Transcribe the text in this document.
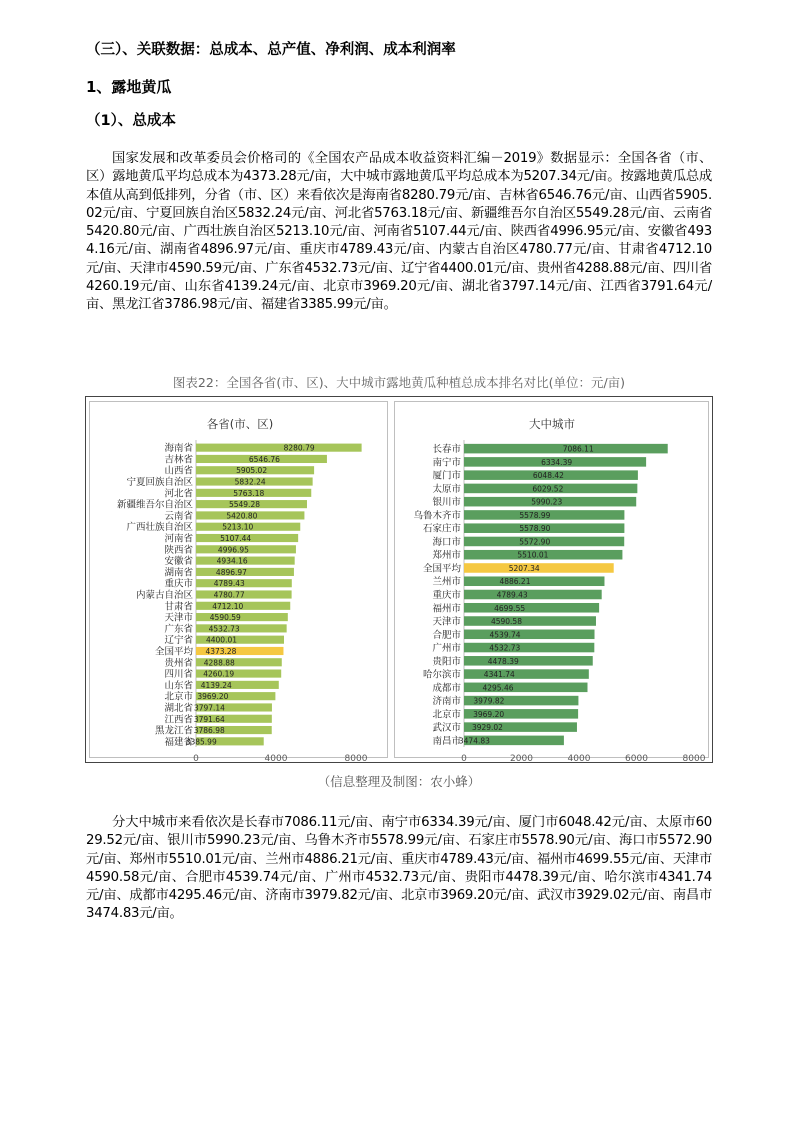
（三）、关联数据：总成本、总产值、净利润、成本利润率
1、露地黄瓜
（1）、总成本

国家发展和改革委员会价格司的《全国农产品成本收益资料汇编－2019》数据显示：全国各省（市、区）露地黄瓜平均总成本为4373.28元/亩，大中城市露地黄瓜平均总成本为5207.34元/亩。按露地黄瓜总成本值从高到低排列，分省（市、区）来看依次是海南省8280.79元/亩、吉林省6546.76元/亩、山西省5905.02元/亩、宁夏回族自治区5832.24元/亩、河北省5763.18元/亩、新疆维吾尔自治区5549.28元/亩、云南省5420.80元/亩、广西壮族自治区5213.10元/亩、河南省5107.44元/亩、陕西省4996.95元/亩、安徽省4934.16元/亩、湖南省4896.97元/亩、重庆市4789.43元/亩、内蒙古自治区4780.77元/亩、甘肃省4712.10元/亩、天津市4590.59元/亩、广东省4532.73元/亩、辽宁省4400.01元/亩、贵州省4288.88元/亩、四川省4260.19元/亩、山东省4139.24元/亩、北京市3969.20元/亩、湖北省3797.14元/亩、江西省3791.64元/亩、黑龙江省3786.98元/亩、福建省3385.99元/亩。

图表22：全国各省(市、区)、大中城市露地黄瓜种植总成本排名对比(单位：元/亩)

各省(市、区)
海南省	8280.79
吉林省	6546.76
山西省	5905.02
宁夏回族自治区	5832.24
河北省	5763.18
新疆维吾尔自治区	5549.28
云南省	5420.80
广西壮族自治区	5213.10
河南省	5107.44
陕西省	4996.95
安徽省	4934.16
湖南省	4896.97
重庆市	4789.43
内蒙古自治区	4780.77
甘肃省	4712.10
天津市 4590.59
广东省 4532.73
辽宁省 4400.01
全国平均 4373.28
贵州省 4288.88
四川省 4260.19
山东省 4139.24
北京市 3969.20
湖北省 3797.14
江西省 3791.64
黑龙江省 3786.98
福建省
3385.99
0	4000	8000
大中城市
长春市	7086.11
南宁市	6334.39
厦门市	6048.42
太原市	6029.52
银川市	5990.23
乌鲁木齐市	5578.99
石家庄市	5578.90
海口市	5572.90
郑州市	5510.01
全国平均	5207.34
兰州市	4886.21
重庆市	4789.43
福州市	4699.55
天津市	4590.58
合肥市	4539.74
广州市	4532.73
贵阳市	4478.39
哈尔滨市	4341.74
成都市	4295.46
济南市 3979.82
北京市 3969.20
武汉市 3929.02
南昌市
3474.83
0	2000	4000	6000	8000

（信息整理及制图：农小蜂）

分大中城市来看依次是长春市7086.11元/亩、南宁市6334.39元/亩、厦门市6048.42元/亩、太原市6029.52元/亩、银川市5990.23元/亩、乌鲁木齐市5578.99元/亩、石家庄市5578.90元/亩、海口市5572.90元/亩、郑州市5510.01元/亩、兰州市4886.21元/亩、重庆市4789.43元/亩、福州市4699.55元/亩、天津市4590.58元/亩、合肥市4539.74元/亩、广州市4532.73元/亩、贵阳市4478.39元/亩、哈尔滨市4341.74元/亩、成都市4295.46元/亩、济南市3979.82元/亩、北京市3969.20元/亩、武汉市3929.02元/亩、南昌市3474.83元/亩。
